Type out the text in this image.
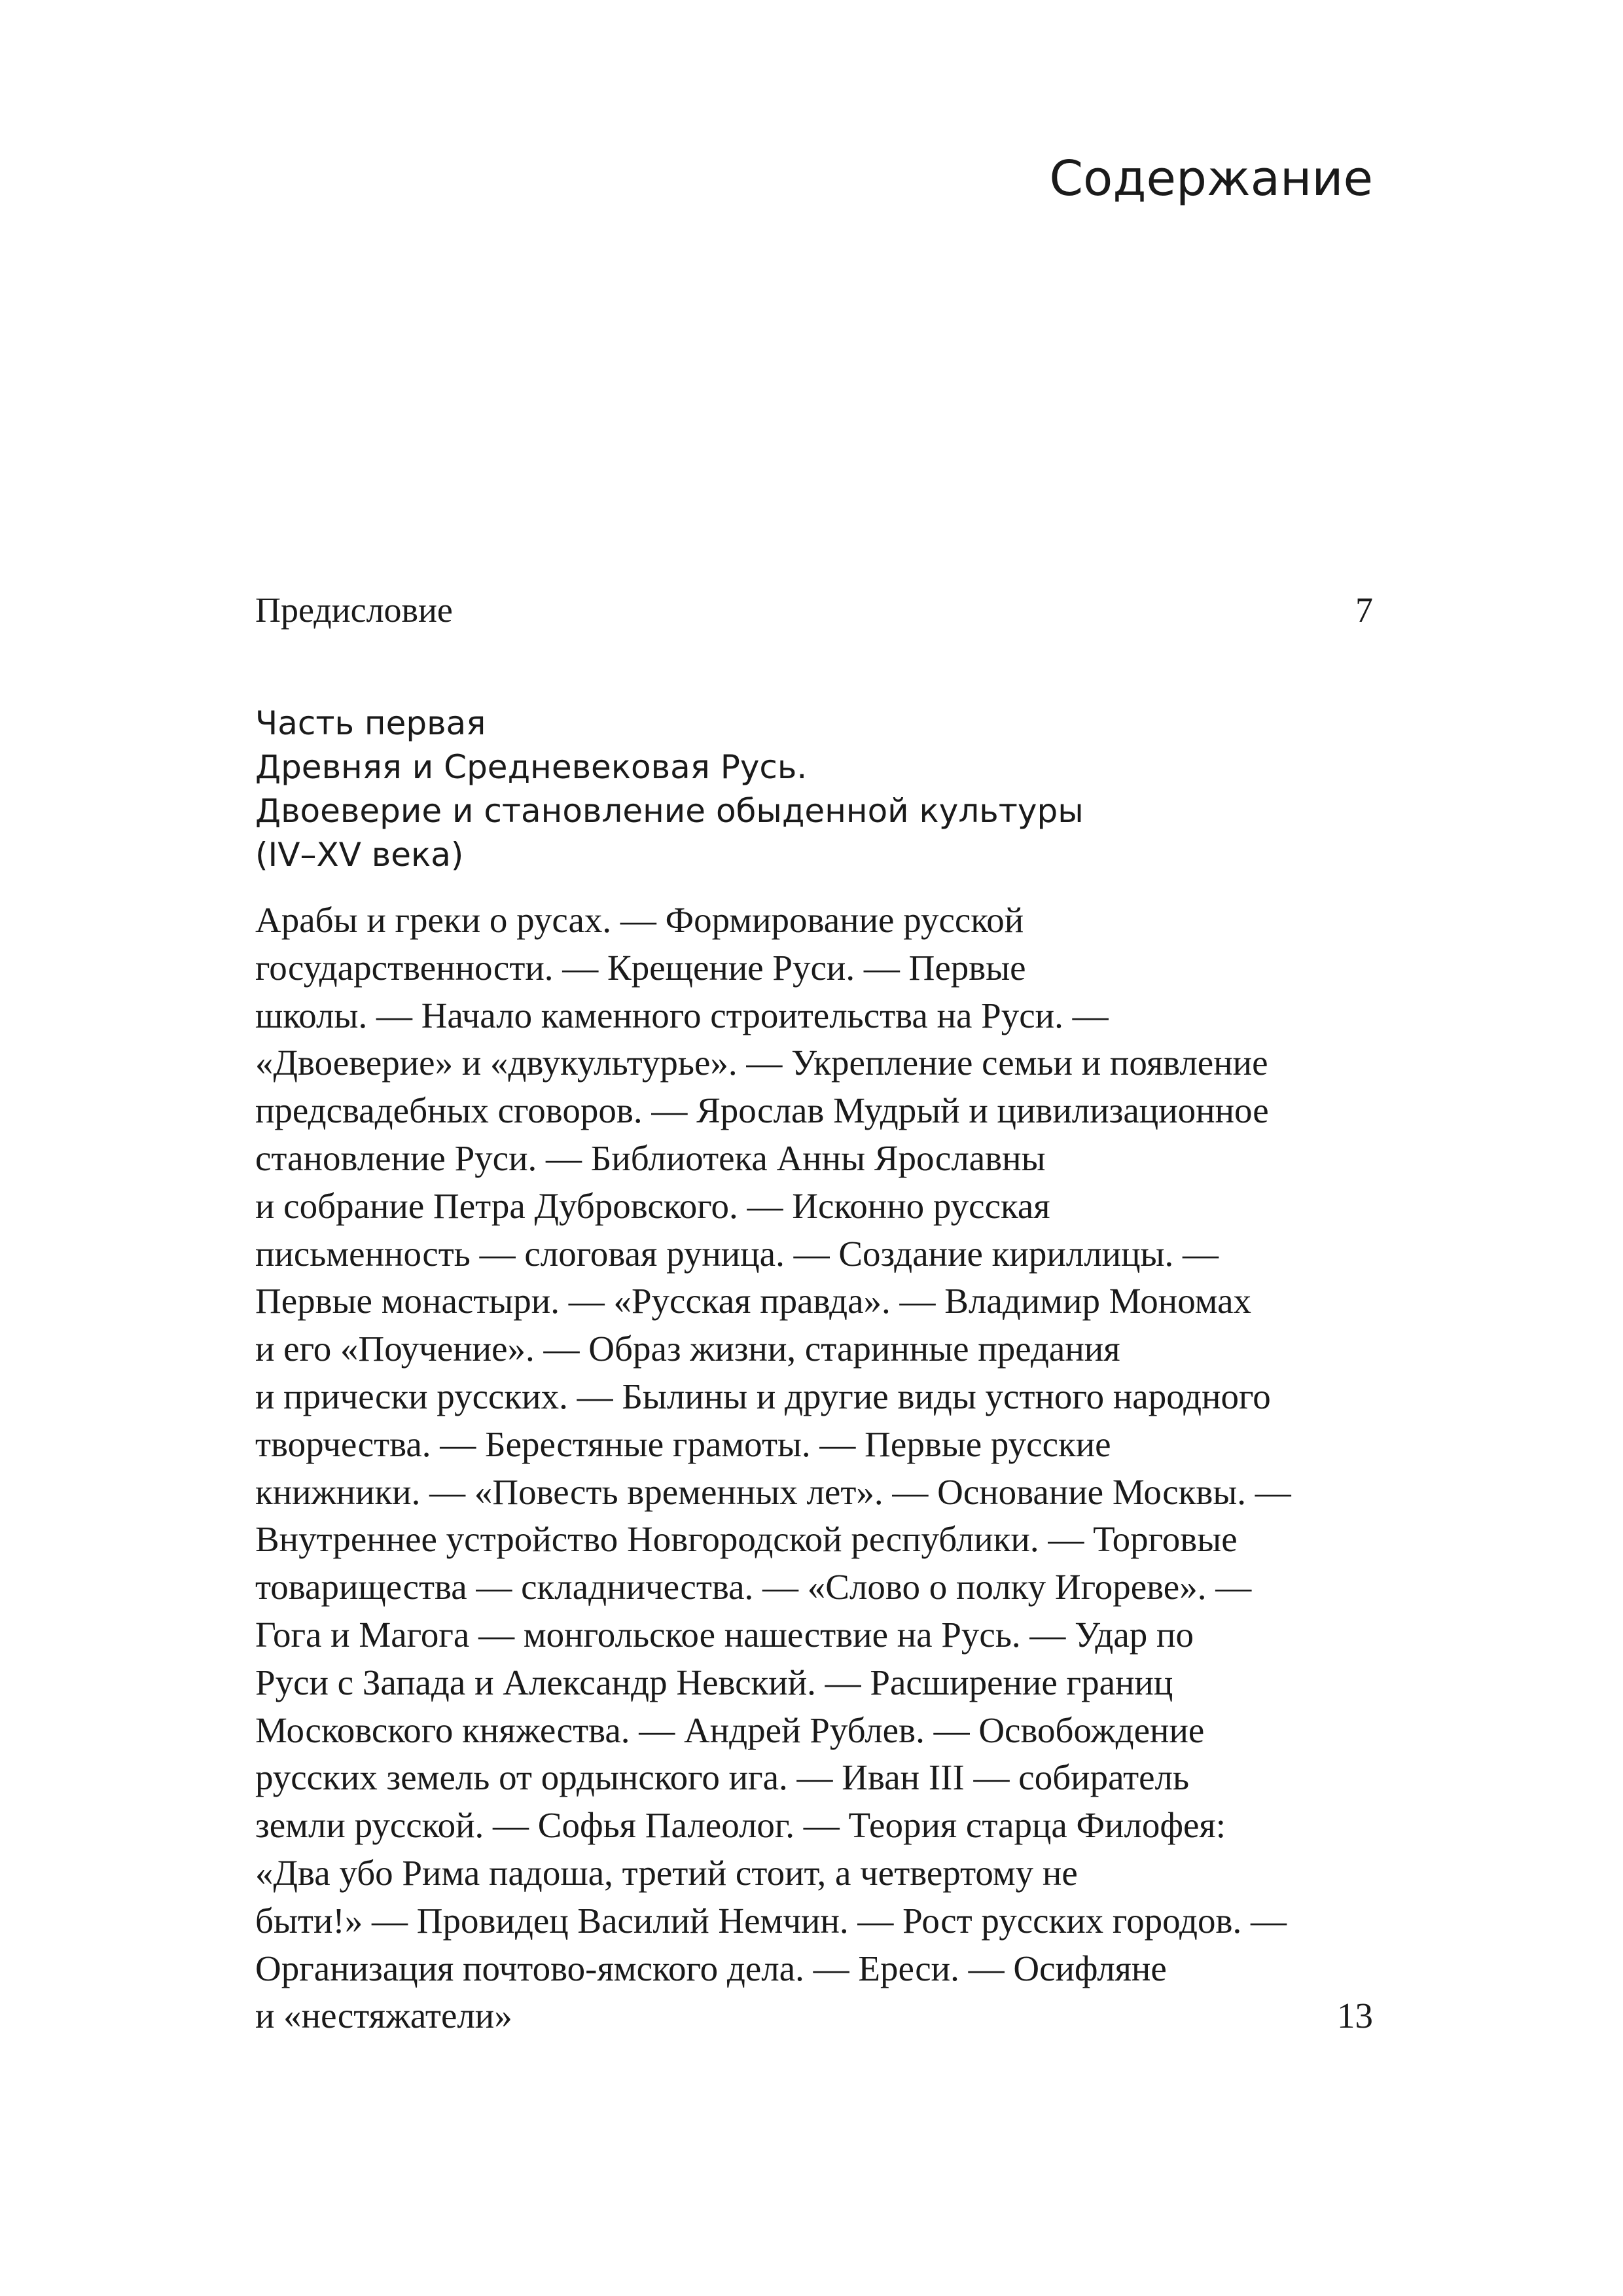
Содержание
Предисловие	7
Часть первая
Древняя и Средневековая Русь.
Двоеверие и становление обыденной культуры
(IV–XV века)
Арабы и греки о русах. — Формирование русской
государственности. — Крещение Руси. — Первые
школы. — Начало каменного строительства на Руси. —
«Двоеверие» и «двукультурье». — Укрепление семьи и появление
предсвадебных сговоров. — Ярослав Мудрый и цивилизационное
становление Руси. — Библиотека Анны Ярославны
и собрание Петра Дубровского. — Исконно русская
письменность — слоговая руница. — Создание кириллицы. —
Первые монастыри. — «Русская правда». — Владимир Мономах
и его «Поучение». — Образ жизни, старинные предания
и прически русских. — Былины и другие виды устного народного
творчества. — Берестяные грамоты. — Первые русские
книжники. — «Повесть временных лет». — Основание Москвы. —
Внутреннее устройство Новгородской республики. — Торговые
товарищества — складничества. — «Слово о полку Игореве». —
Гога и Магога — монгольское нашествие на Русь. — Удар по
Руси с Запада и Александр Невский. — Расширение границ
Московского княжества. — Андрей Рублев. — Освобождение
русских земель от ордынского ига. — Иван III — собиратель
земли русской. — Софья Палеолог. — Теория старца Филофея:
«Два убо Рима падоша, третий стоит, а четвертому не
быти!» — Провидец Василий Немчин. — Рост русских городов. —
Организация почтово-ямского дела. — Ереси. — Осифляне
и «нестяжатели»	13
